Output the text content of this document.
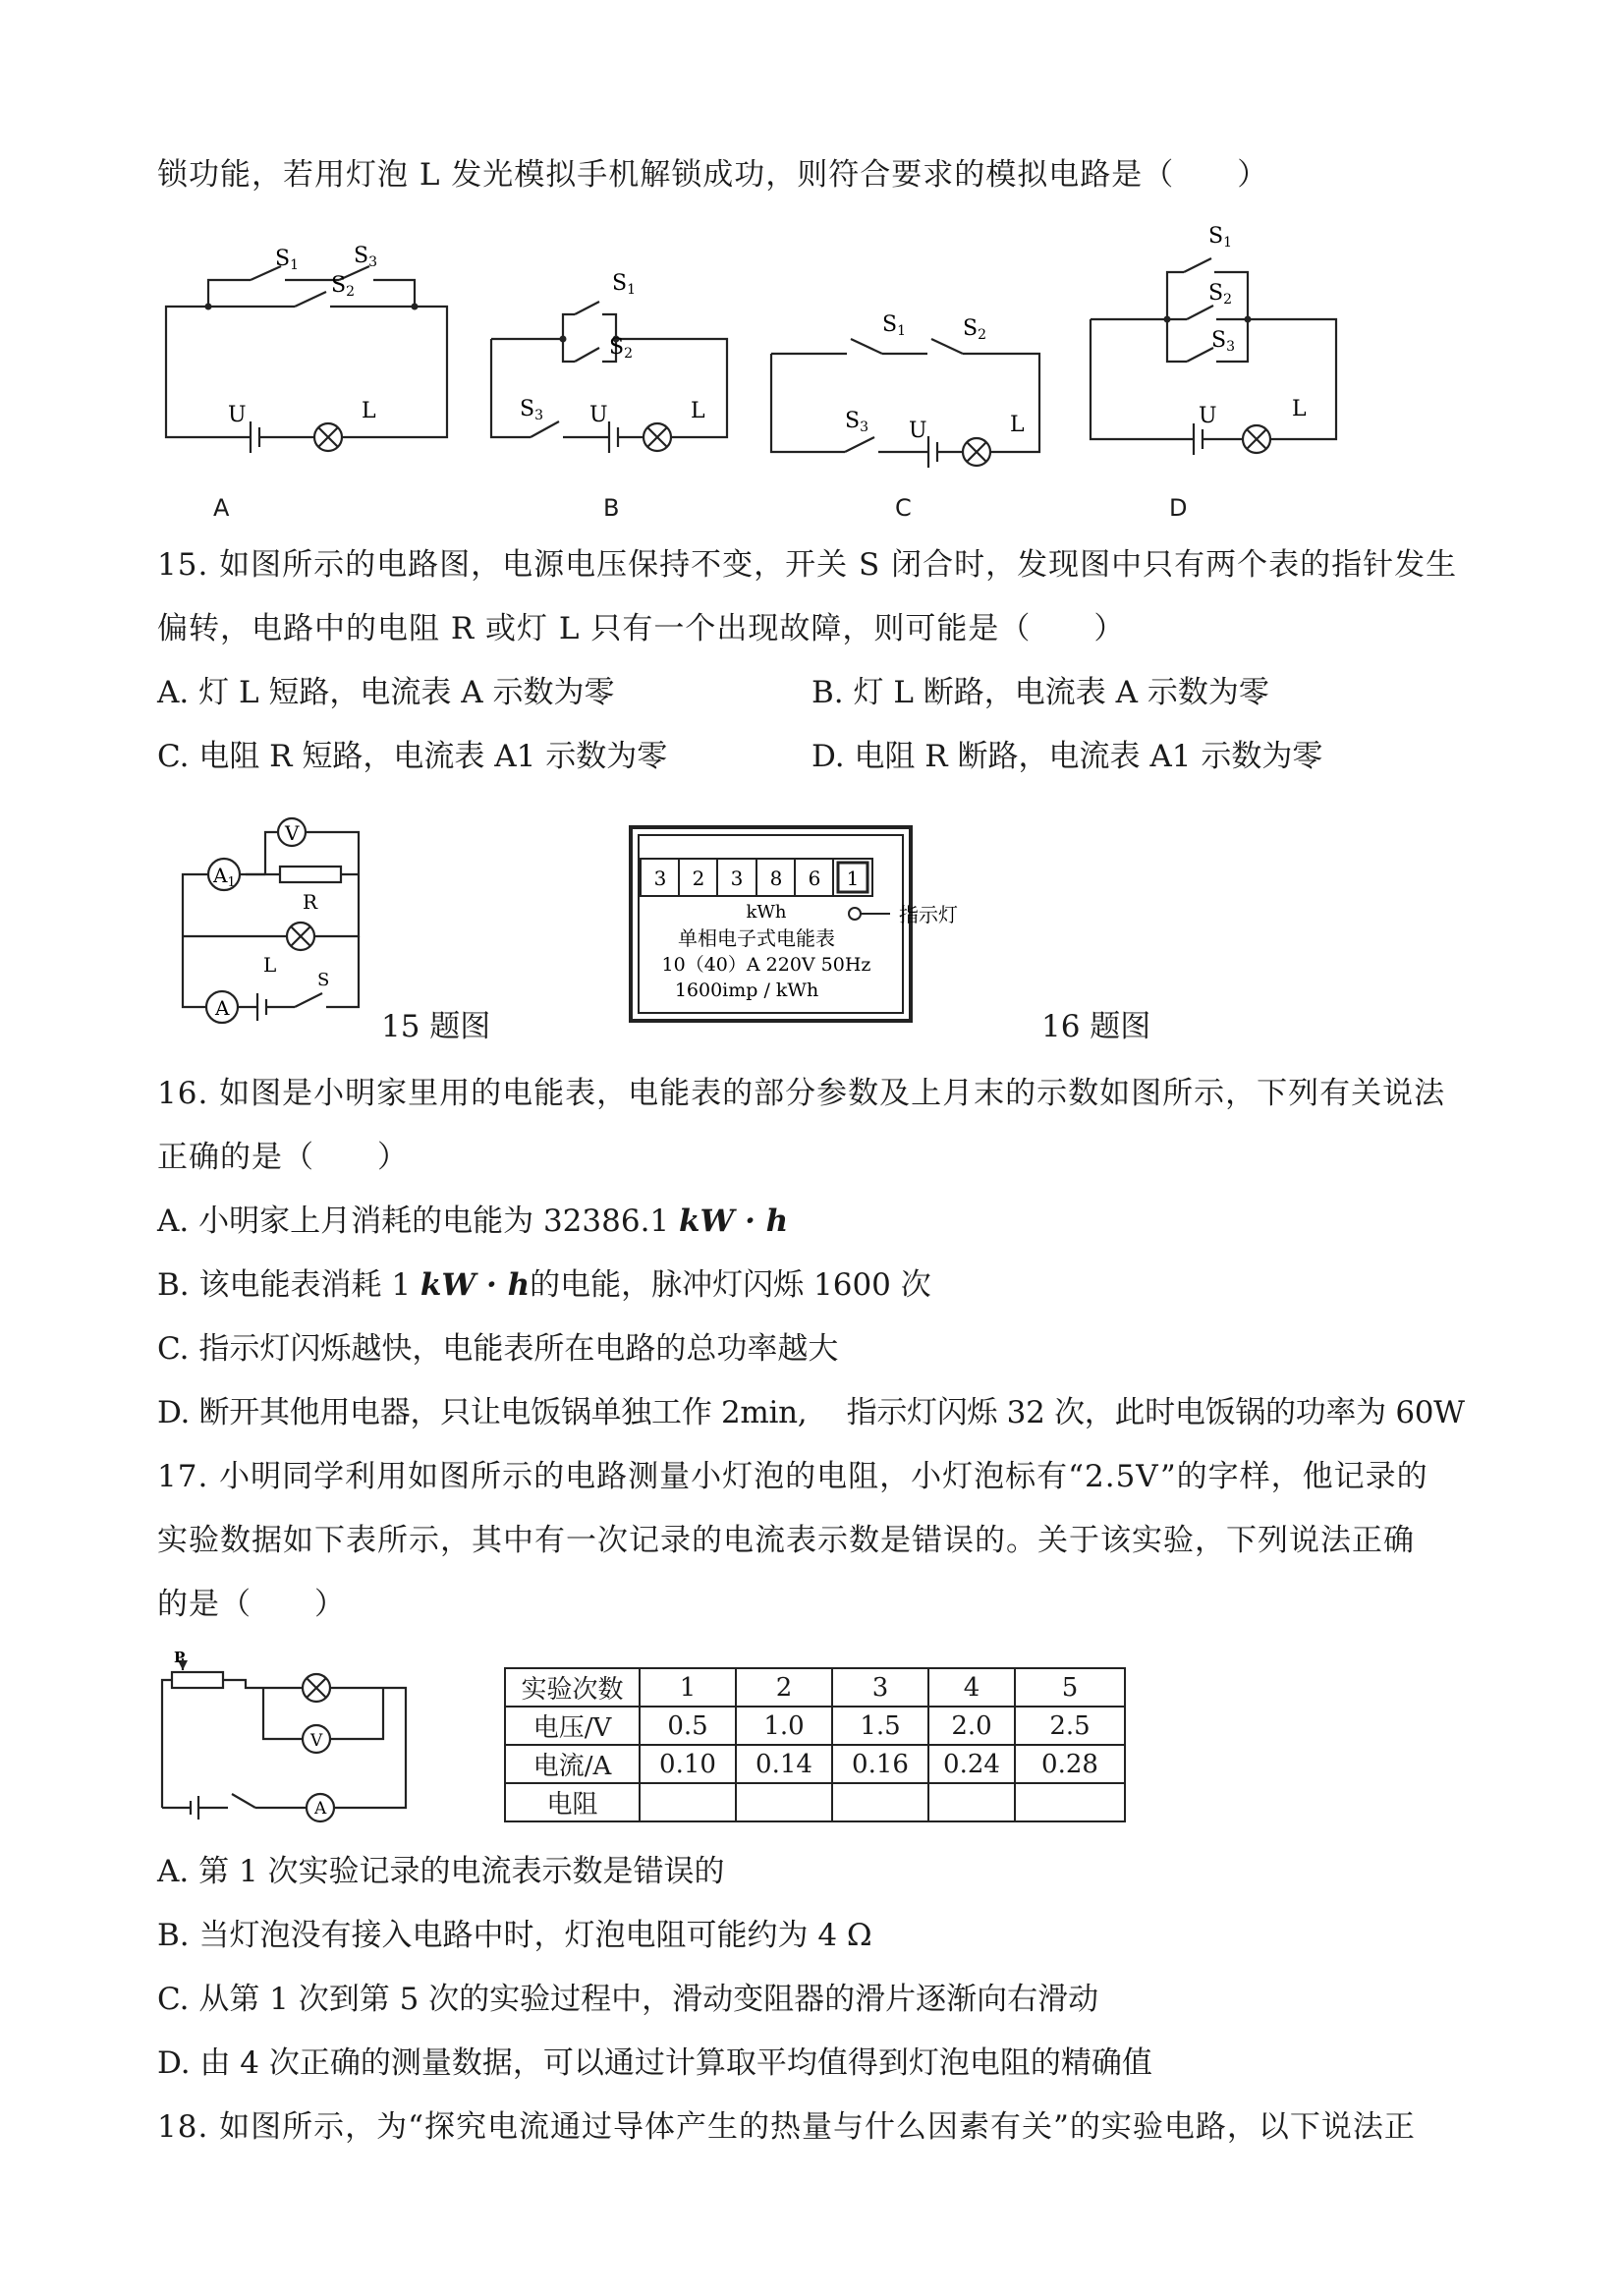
锁功能，若用灯泡 L 发光模拟手机解锁成功，则符合要求的模拟电路是（　　）
S1	S3
S2
U	L
S1
S2
S3 U	L
S1	S2
S3 U	L
S1
S2
S3
U	L
A	B	C	D
15. 如图所示的电路图，电源电压保持不变，开关 S 闭合时，发现图中只有两个表的指针发生
偏转，电路中的电阻 R 或灯 L 只有一个出现故障，则可能是（　　）
A. 灯 L 短路，电流表 A 示数为零	B. 灯 L 断路，电流表 A 示数为零
C. 电阻 R 短路，电流表 A1 示数为零	D. 电阻 R 断路，电流表 A1 示数为零
V
$A_1$
R
L
S
A
15 题图
3 2 3 8 6 1
kWh	指示灯
单相电子式电能表
10（40）A 220V 50Hz
1600imp / kWh
16 题图
16. 如图是小明家里用的电能表，电能表的部分参数及上月末的示数如图所示，下列有关说法
正确的是（　　）
A. 小明家上月消耗的电能为 32386.1 kW · h
B. 该电能表消耗 1 kW · h的电能，脉冲灯闪烁 1600 次
C. 指示灯闪烁越快，电能表所在电路的总功率越大
D. 断开其他用电器，只让电饭锅单独工作 2min,　 指示灯闪烁 32 次，此时电饭锅的功率为 60W
17. 小明同学利用如图所示的电路测量小灯泡的电阻，小灯泡标有“2.5V”的字样，他记录的
实验数据如下表所示，其中有一次记录的电流表示数是错误的。关于该实验，下列说法正确
的是（　　）
P
V
A
实验次数	1	2	3	4	5
电压/V	0.5	1.0	1.5	2.0	2.5
电流/A	0.10	0.14	0.16	0.24	0.28
电阻					
A. 第 1 次实验记录的电流表示数是错误的
B. 当灯泡没有接入电路中时，灯泡电阻可能约为 4 Ω
C. 从第 1 次到第 5 次的实验过程中，滑动变阻器的滑片逐渐向右滑动
D. 由 4 次正确的测量数据，可以通过计算取平均值得到灯泡电阻的精确值
18. 如图所示，为“探究电流通过导体产生的热量与什么因素有关”的实验电路，以下说法正
